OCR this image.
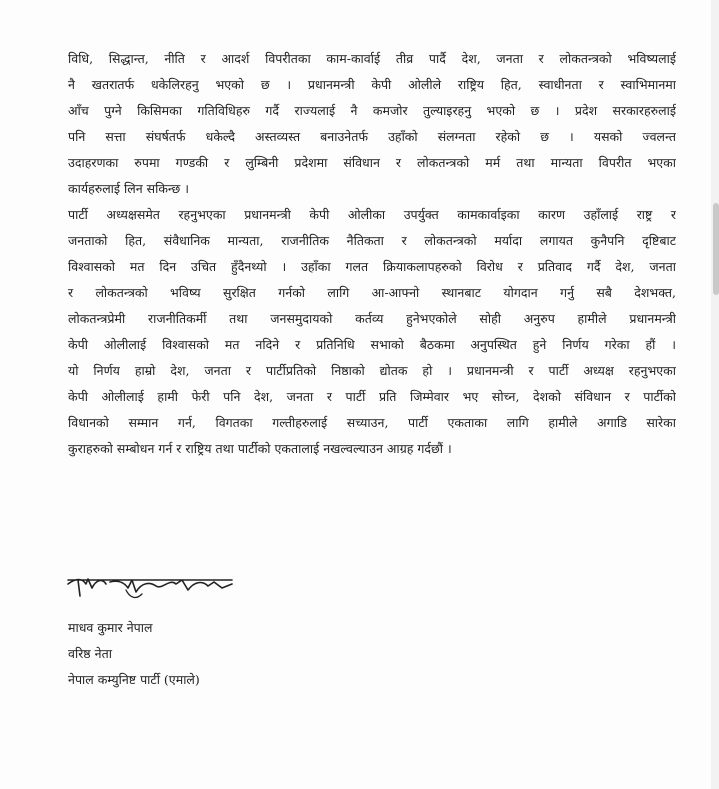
विधि, सिद्धान्त, नीति र आदर्श विपरीतका काम-कार्वाई तीव्र पार्दै देश, जनता र लोकतन्त्रको भविष्यलाई
नै खतरातर्फ धकेलिरहनु भएको छ । प्रधानमन्त्री केपी ओलीले राष्ट्रिय हित, स्वाधीनता र स्वाभिमानमा
आँच पुग्ने किसिमका गतिविधिहरु गर्दै राज्यलाई नै कमजोर तुल्याइरहनु भएको छ । प्रदेश सरकारहरुलाई
पनि सत्ता संघर्षतर्फ धकेल्दै अस्तव्यस्त बनाउनेतर्फ उहाँको संलग्नता रहेको छ । यसको ज्वलन्त
उदाहरणका रुपमा गण्डकी र लुम्बिनी प्रदेशमा संविधान र लोकतन्त्रको मर्म तथा मान्यता विपरीत भएका
कार्यहरुलाई लिन सकिन्छ ।
पार्टी अध्यक्षसमेत रहनुभएका प्रधानमन्त्री केपी ओलीका उपर्युक्त कामकार्वाइका कारण उहाँलाई राष्ट्र र
जनताको हित, संवैधानिक मान्यता, राजनीतिक नैतिकता र लोकतन्त्रको मर्यादा लगायत कुनैपनि दृष्टिबाट
विश्वासको मत दिन उचित हुँदैनथ्यो । उहाँका गलत क्रियाकलापहरुको विरोध र प्रतिवाद गर्दै देश, जनता
र लोकतन्त्रको भविष्य सुरक्षित गर्नको लागि आ-आफ्नो स्थानबाट योगदान गर्नु सबै देशभक्त,
लोकतन्त्रप्रेमी राजनीतिकर्मी तथा जनसमुदायको कर्तव्य हुनेभएकोले सोही अनुरुप हामीले प्रधानमन्त्री
केपी ओलीलाई विश्वासको मत नदिने र प्रतिनिधि सभाको बैठकमा अनुपस्थित हुने निर्णय गरेका हौं ।
यो निर्णय हाम्रो देश, जनता र पार्टीप्रतिको निष्ठाको द्योतक हो । प्रधानमन्त्री र पार्टी अध्यक्ष रहनुभएका
केपी ओलीलाई हामी फेरी पनि देश, जनता र पार्टी प्रति जिम्मेवार भए सोच्न, देशको संविधान र पार्टीको
विधानको सम्मान गर्न, विगतका गल्तीहरुलाई सच्याउन, पार्टी एकताका लागि हामीले अगाडि सारेका
कुराहरुको सम्बोधन गर्न र राष्ट्रिय तथा पार्टीको एकतालाई नखल्वल्याउन आग्रह गर्दछौं ।
माधव कुमार नेपाल
वरिष्ठ नेता
नेपाल कम्युनिष्ट पार्टी (एमाले)
